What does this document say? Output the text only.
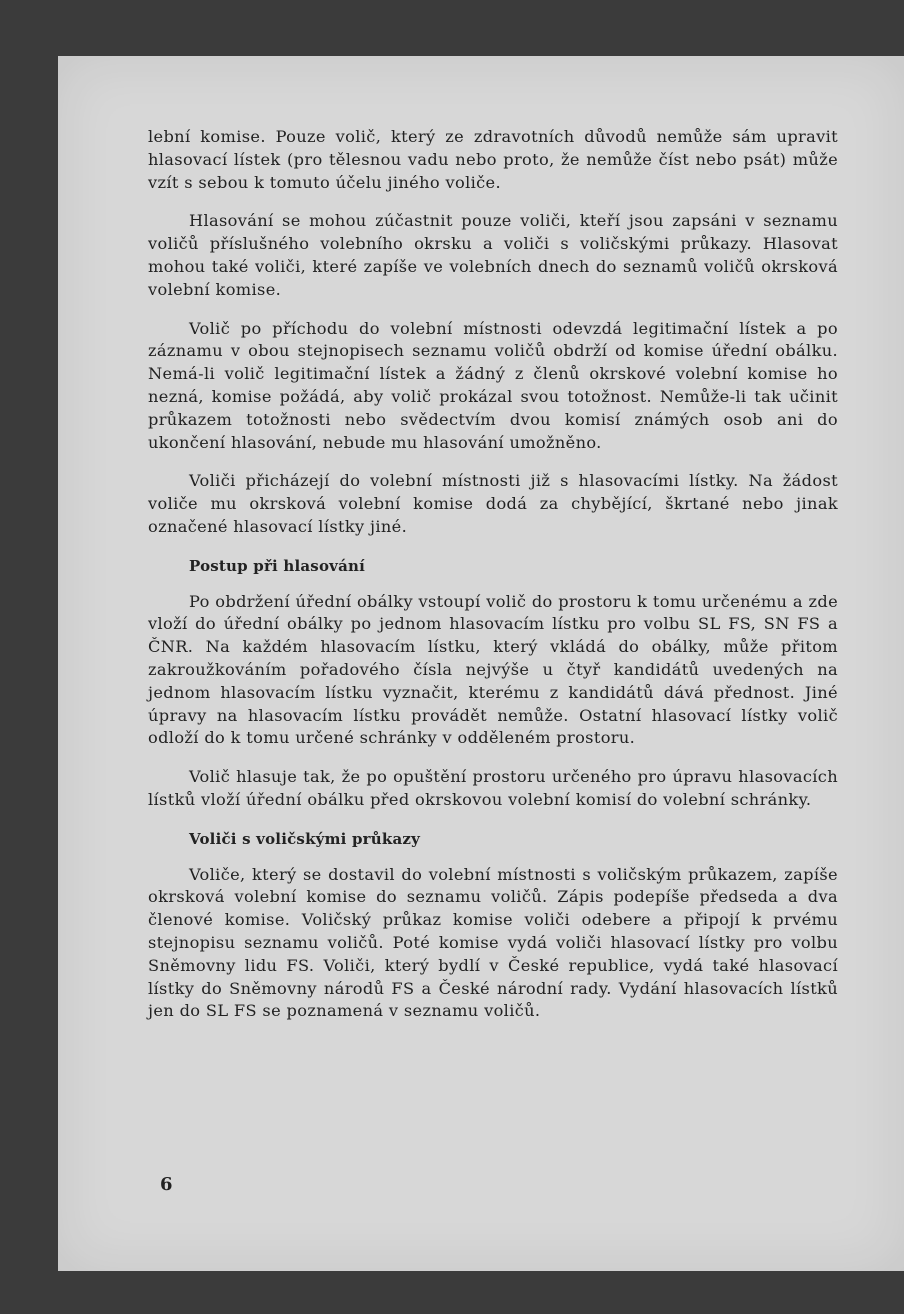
lební komise. Pouze volič, který ze zdravotních důvodů nemůže sám upravit hlasovací lístek (pro tělesnou vadu nebo proto, že nemůže číst nebo psát) může vzít s sebou k tomuto účelu jiného voliče.

Hlasování se mohou zúčastnit pouze voliči, kteří jsou zapsáni v seznamu voličů příslušného volebního okrsku a voliči s voličskými průkazy. Hlasovat mohou také voliči, které zapíše ve volebních dnech do seznamů voličů okrsková volební komise.

Volič po příchodu do volební místnosti odevzdá legitimační lístek a po záznamu v obou stejnopisech seznamu voličů obdrží od komise úřední obálku. Nemá-li volič legitimační lístek a žádný z členů okrskové volební komise ho nezná, komise požádá, aby volič prokázal svou totožnost. Nemůže-li tak učinit průkazem totožnosti nebo svědectvím dvou komisí známých osob ani do ukončení hlasování, nebude mu hlasování umožněno.

Voliči přicházejí do volební místnosti již s hlasovacími lístky. Na žádost voliče mu okrsková volební komise dodá za chybějící, škrtané nebo jinak označené hlasovací lístky jiné.

Postup při hlasování

Po obdržení úřední obálky vstoupí volič do prostoru k tomu určenému a zde vloží do úřední obálky po jednom hlasovacím lístku pro volbu SL FS, SN FS a ČNR. Na každém hlasovacím lístku, který vkládá do obálky, může přitom zakroužkováním pořadového čísla nejvýše u čtyř kandidátů uvedených na jednom hlasovacím lístku vyznačit, kterému z kandidátů dává přednost. Jiné úpravy na hlasovacím lístku provádět nemůže. Ostatní hlasovací lístky volič odloží do k tomu určené schránky v odděleném prostoru.

Volič hlasuje tak, že po opuštění prostoru určeného pro úpravu hlasovacích lístků vloží úřední obálku před okrskovou volební komisí do volební schránky.

Voliči s voličskými průkazy

Voliče, který se dostavil do volební místnosti s voličským průkazem, zapíše okrsková volební komise do seznamu voličů. Zápis podepíše předseda a dva členové komise. Voličský průkaz komise voliči odebere a připojí k prvému stejnopisu seznamu voličů. Poté komise vydá voliči hlasovací lístky pro volbu Sněmovny lidu FS. Voliči, který bydlí v České republice, vydá také hlasovací lístky do Sněmovny národů FS a České národní rady. Vydání hlasovacích lístků jen do SL FS se poznamená v seznamu voličů.

6
